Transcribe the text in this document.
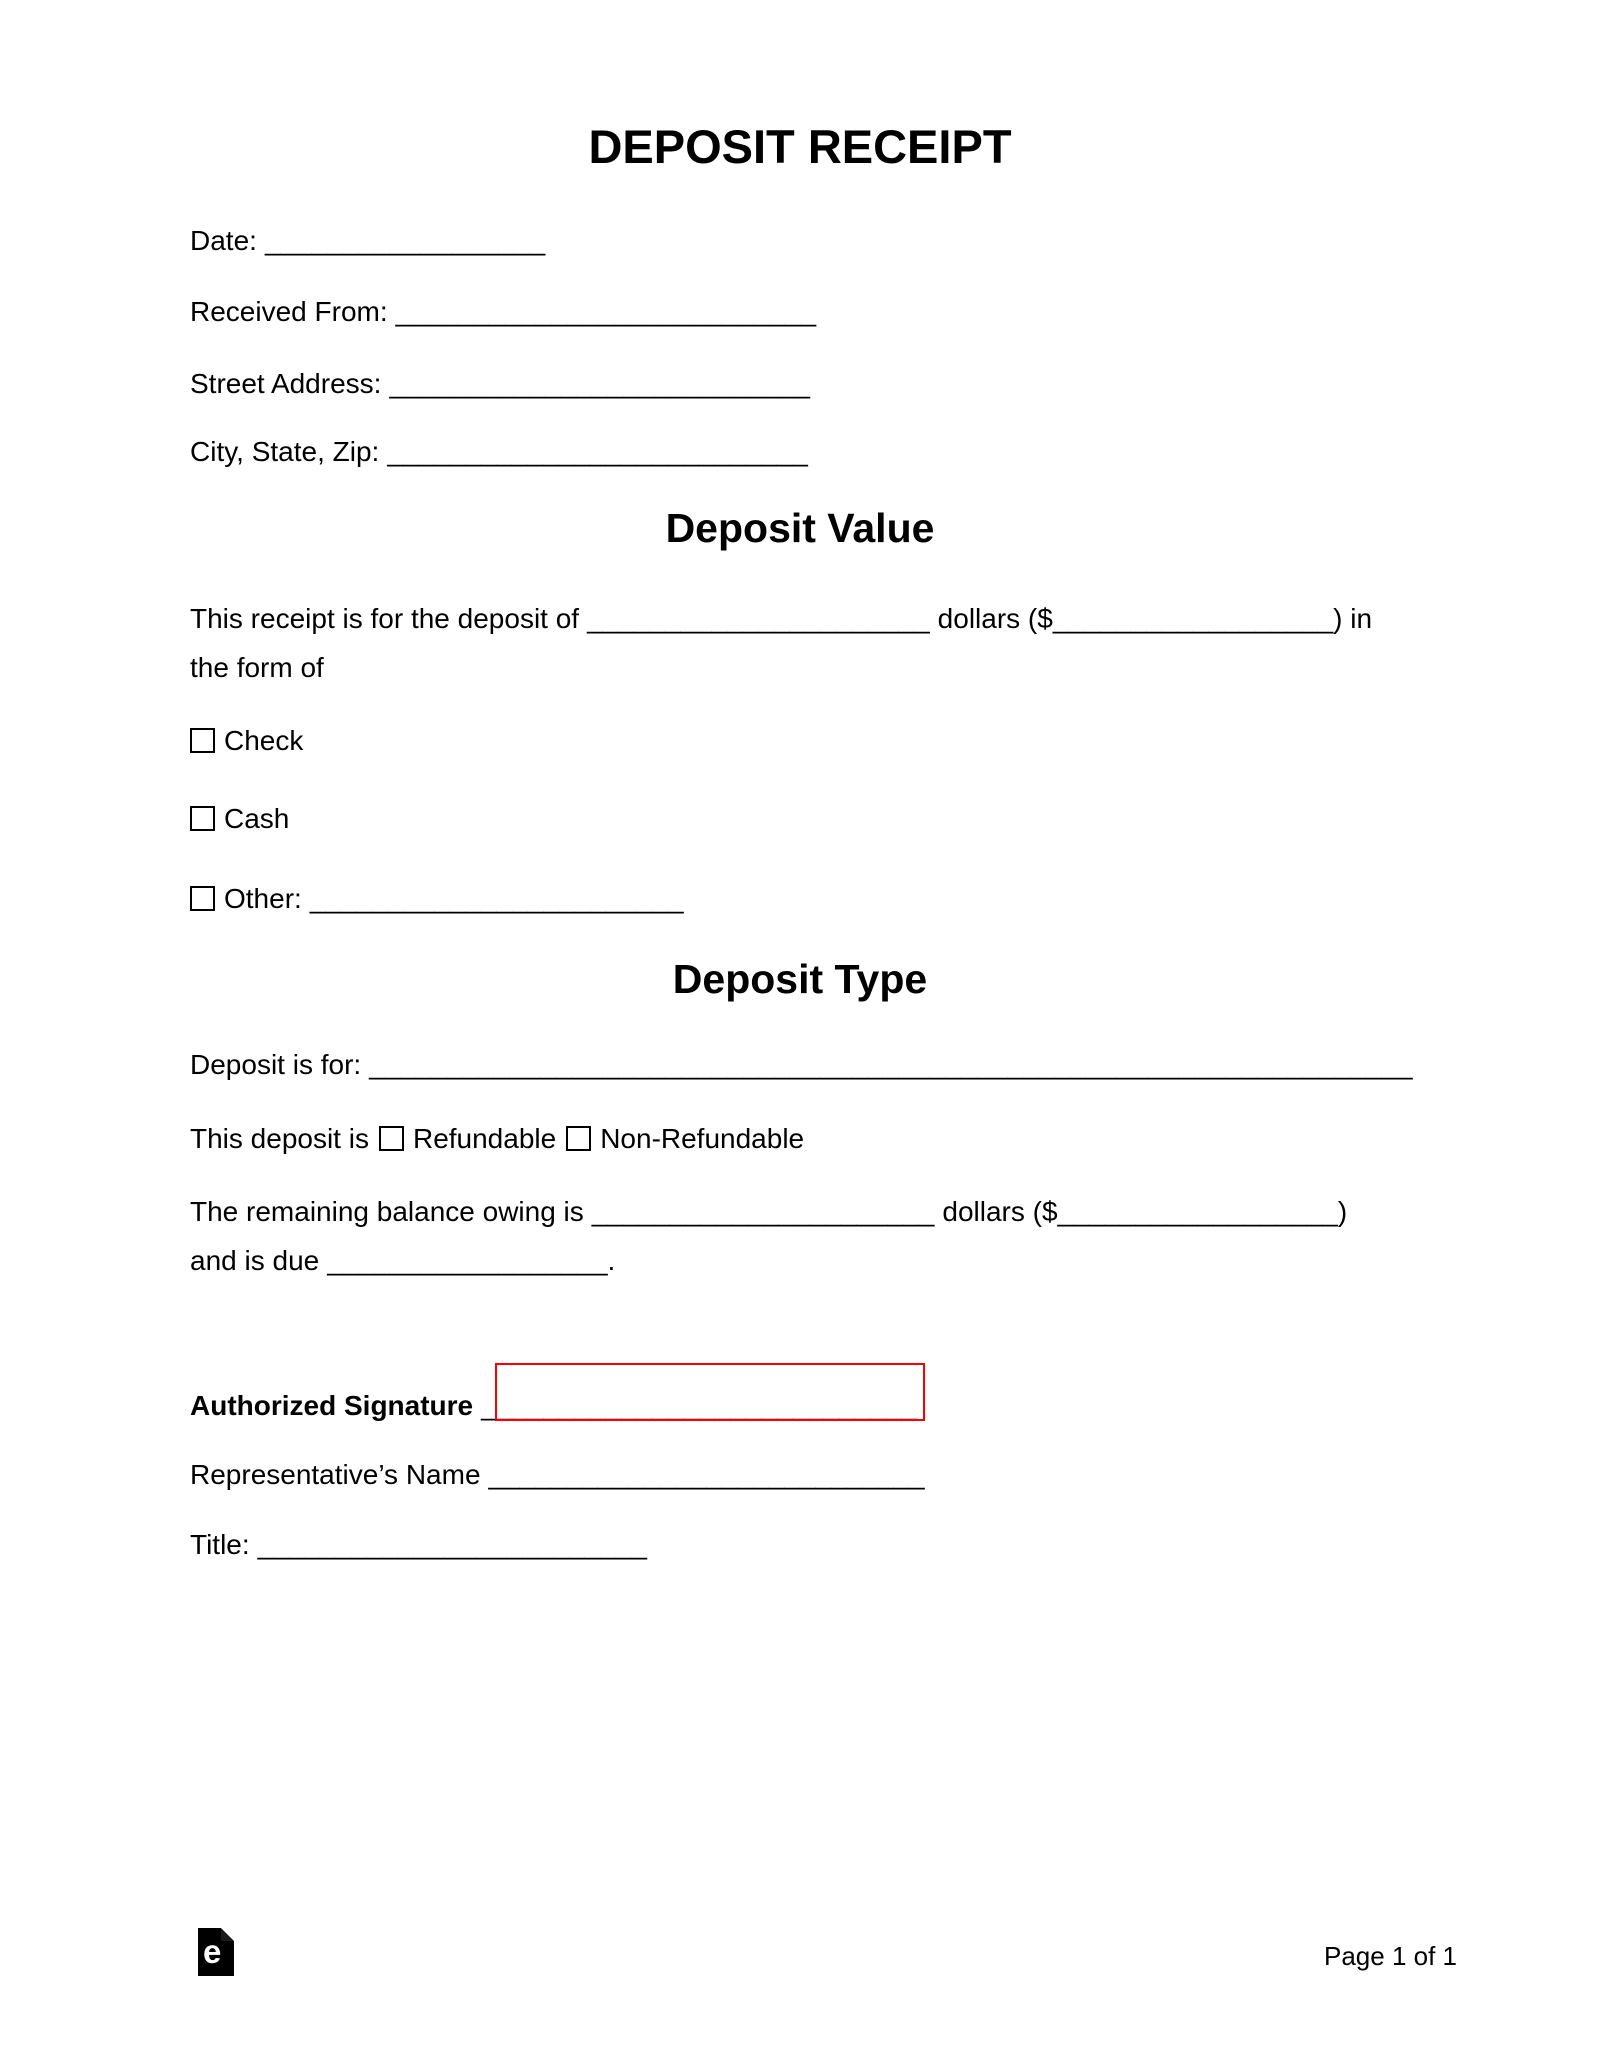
DEPOSIT RECEIPT
Date: __________________
Received From: ___________________________
Street Address: ___________________________
City, State, Zip: ___________________________
Deposit Value
This receipt is for the deposit of ______________________ dollars ($__________________) in
the form of
Check
Cash
Other: ________________________
Deposit Type
Deposit is for: ___________________________________________________________________
This deposit is Refundable Non-Refundable
The remaining balance owing is ______________________ dollars ($__________________)
and is due __________________.
Authorized Signature ____________________________
Representative’s Name ____________________________
Title: _________________________
e	Page 1 of 1
